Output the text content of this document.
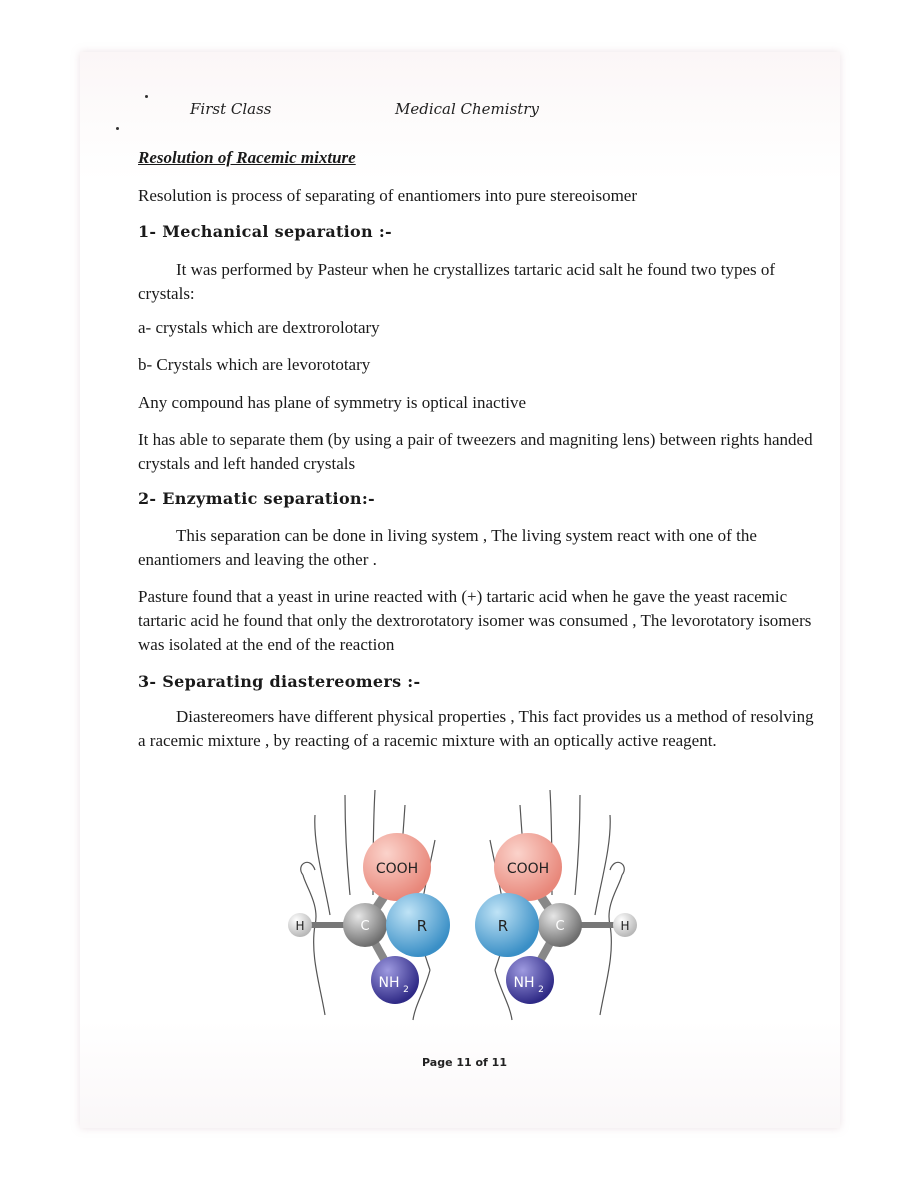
First Class	Medical Chemistry
Resolution of Racemic mixture
Resolution is process of separating of enantiomers into pure stereoisomer
1- Mechanical separation :-
It was performed by Pasteur when he crystallizes tartaric acid salt he found two types of crystals:
a- crystals which are dextrorolotary
b- Crystals which are levorototary
Any compound has plane of symmetry is optical inactive
It has able to separate them (by using a pair of tweezers and magniting lens) between rights handed crystals and left handed crystals
2- Enzymatic separation:-
This separation can be done in living system , The living system react with one of the enantiomers and leaving the other .
Pasture found that a yeast in urine reacted with (+) tartaric acid when he gave the yeast racemic tartaric acid he found that only the dextrorotatory isomer was consumed , The levorotatory isomers was isolated at the end of the reaction
3- Separating diastereomers :-
Diastereomers have different physical properties , This fact provides us a method of resolving a racemic mixture , by reacting of a racemic mixture with an optically active reagent.
COOH
H	C	R
NH 2
COOH
H
C
R
NH 2
Page 11 of 11
